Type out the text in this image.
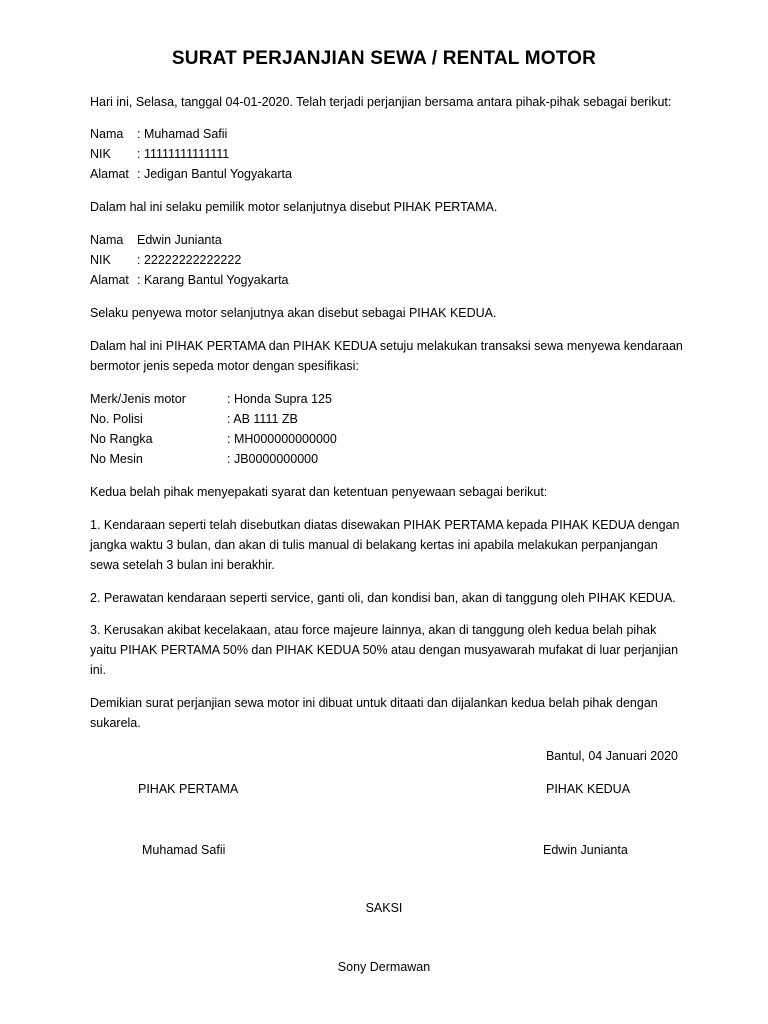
SURAT PERJANJIAN SEWA / RENTAL MOTOR

Hari ini, Selasa, tanggal 04-01-2020. Telah terjadi perjanjian bersama antara pihak-pihak sebagai berikut:

Nama : Muhamad Safii
NIK : 11111111111111
Alamat : Jedigan Bantul Yogyakarta

Dalam hal ini selaku pemilik motor selanjutnya disebut PIHAK PERTAMA.

Nama Edwin Junianta
NIK : 22222222222222
Alamat : Karang Bantul Yogyakarta

Selaku penyewa motor selanjutnya akan disebut sebagai PIHAK KEDUA.

Dalam hal ini PIHAK PERTAMA dan PIHAK KEDUA setuju melakukan transaksi sewa menyewa kendaraan

bermotor jenis sepeda motor dengan spesifikasi:

Merk/Jenis motor	: Honda Supra 125
No. Polisi	: AB 1111 ZB
No Rangka	: MH000000000000
No Mesin	: JB0000000000

Kedua belah pihak menyepakati syarat dan ketentuan penyewaan sebagai berikut:

1. Kendaraan seperti telah disebutkan diatas disewakan PIHAK PERTAMA kepada PIHAK KEDUA dengan

jangka waktu 3 bulan, dan akan di tulis manual di belakang kertas ini apabila melakukan perpanjangan

sewa setelah 3 bulan ini berakhir.

2. Perawatan kendaraan seperti service, ganti oli, dan kondisi ban, akan di tanggung oleh PIHAK KEDUA.

3. Kerusakan akibat kecelakaan, atau force majeure lainnya, akan di tanggung oleh kedua belah pihak

yaitu PIHAK PERTAMA 50% dan PIHAK KEDUA 50% atau dengan musyawarah mufakat di luar perjanjian

ini.

Demikian surat perjanjian sewa motor ini dibuat untuk ditaati dan dijalankan kedua belah pihak dengan

sukarela.

Bantul, 04 Januari 2020

PIHAK PERTAMA	PIHAK KEDUA

Muhamad Safii	Edwin Junianta

SAKSI

Sony Dermawan
